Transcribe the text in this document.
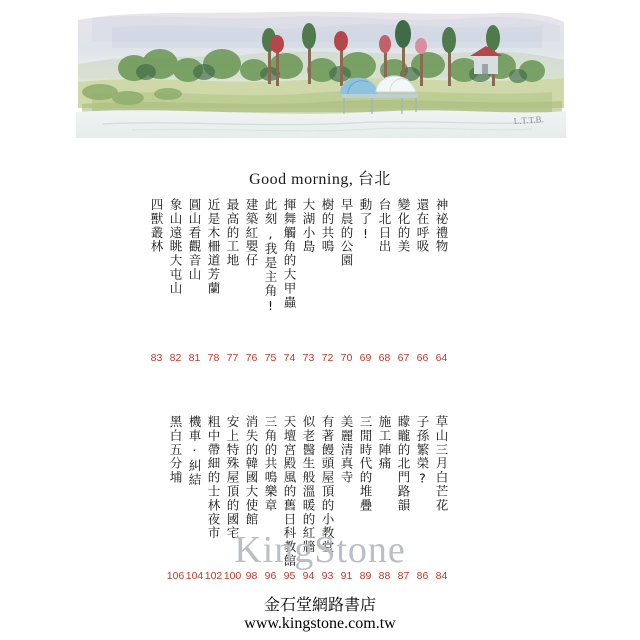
L.T.T.B.
Good morning, 台北
神祕禮物
還在呼吸
變化的美
台北日出
動了!
早晨的公園
樹的共鳴
大湖小島
揮舞觸角的大甲蟲
此刻,我是主角!
建築紅嬰仔
最高的工地
近是木柵道芳蘭
圓山看觀音山
象山遠眺大屯山
四獸叢林
64
66
67
68
69
70
72
73
74
75
76
77
78
81
82
83
草山三月白芒花
子孫繁榮?
矇矓的北門路韻
施工陣痛
三閒時代的堆疊
美麗清真寺
有著饅頭屋頂的小教堂
似老醫生般溫暖的紅牆
天壇宮殿風的舊日科教館
三角的共鳴樂章
消失的韓國大使館
安上特殊屋頂的國宅
粗中帶細的士林夜市
機車‧糾結
黑白五分埔
84
86
87
88
89
91
93
94
95
96
98
100
102
104
106
KingStone
金石堂網路書店
www.kingstone.com.tw
